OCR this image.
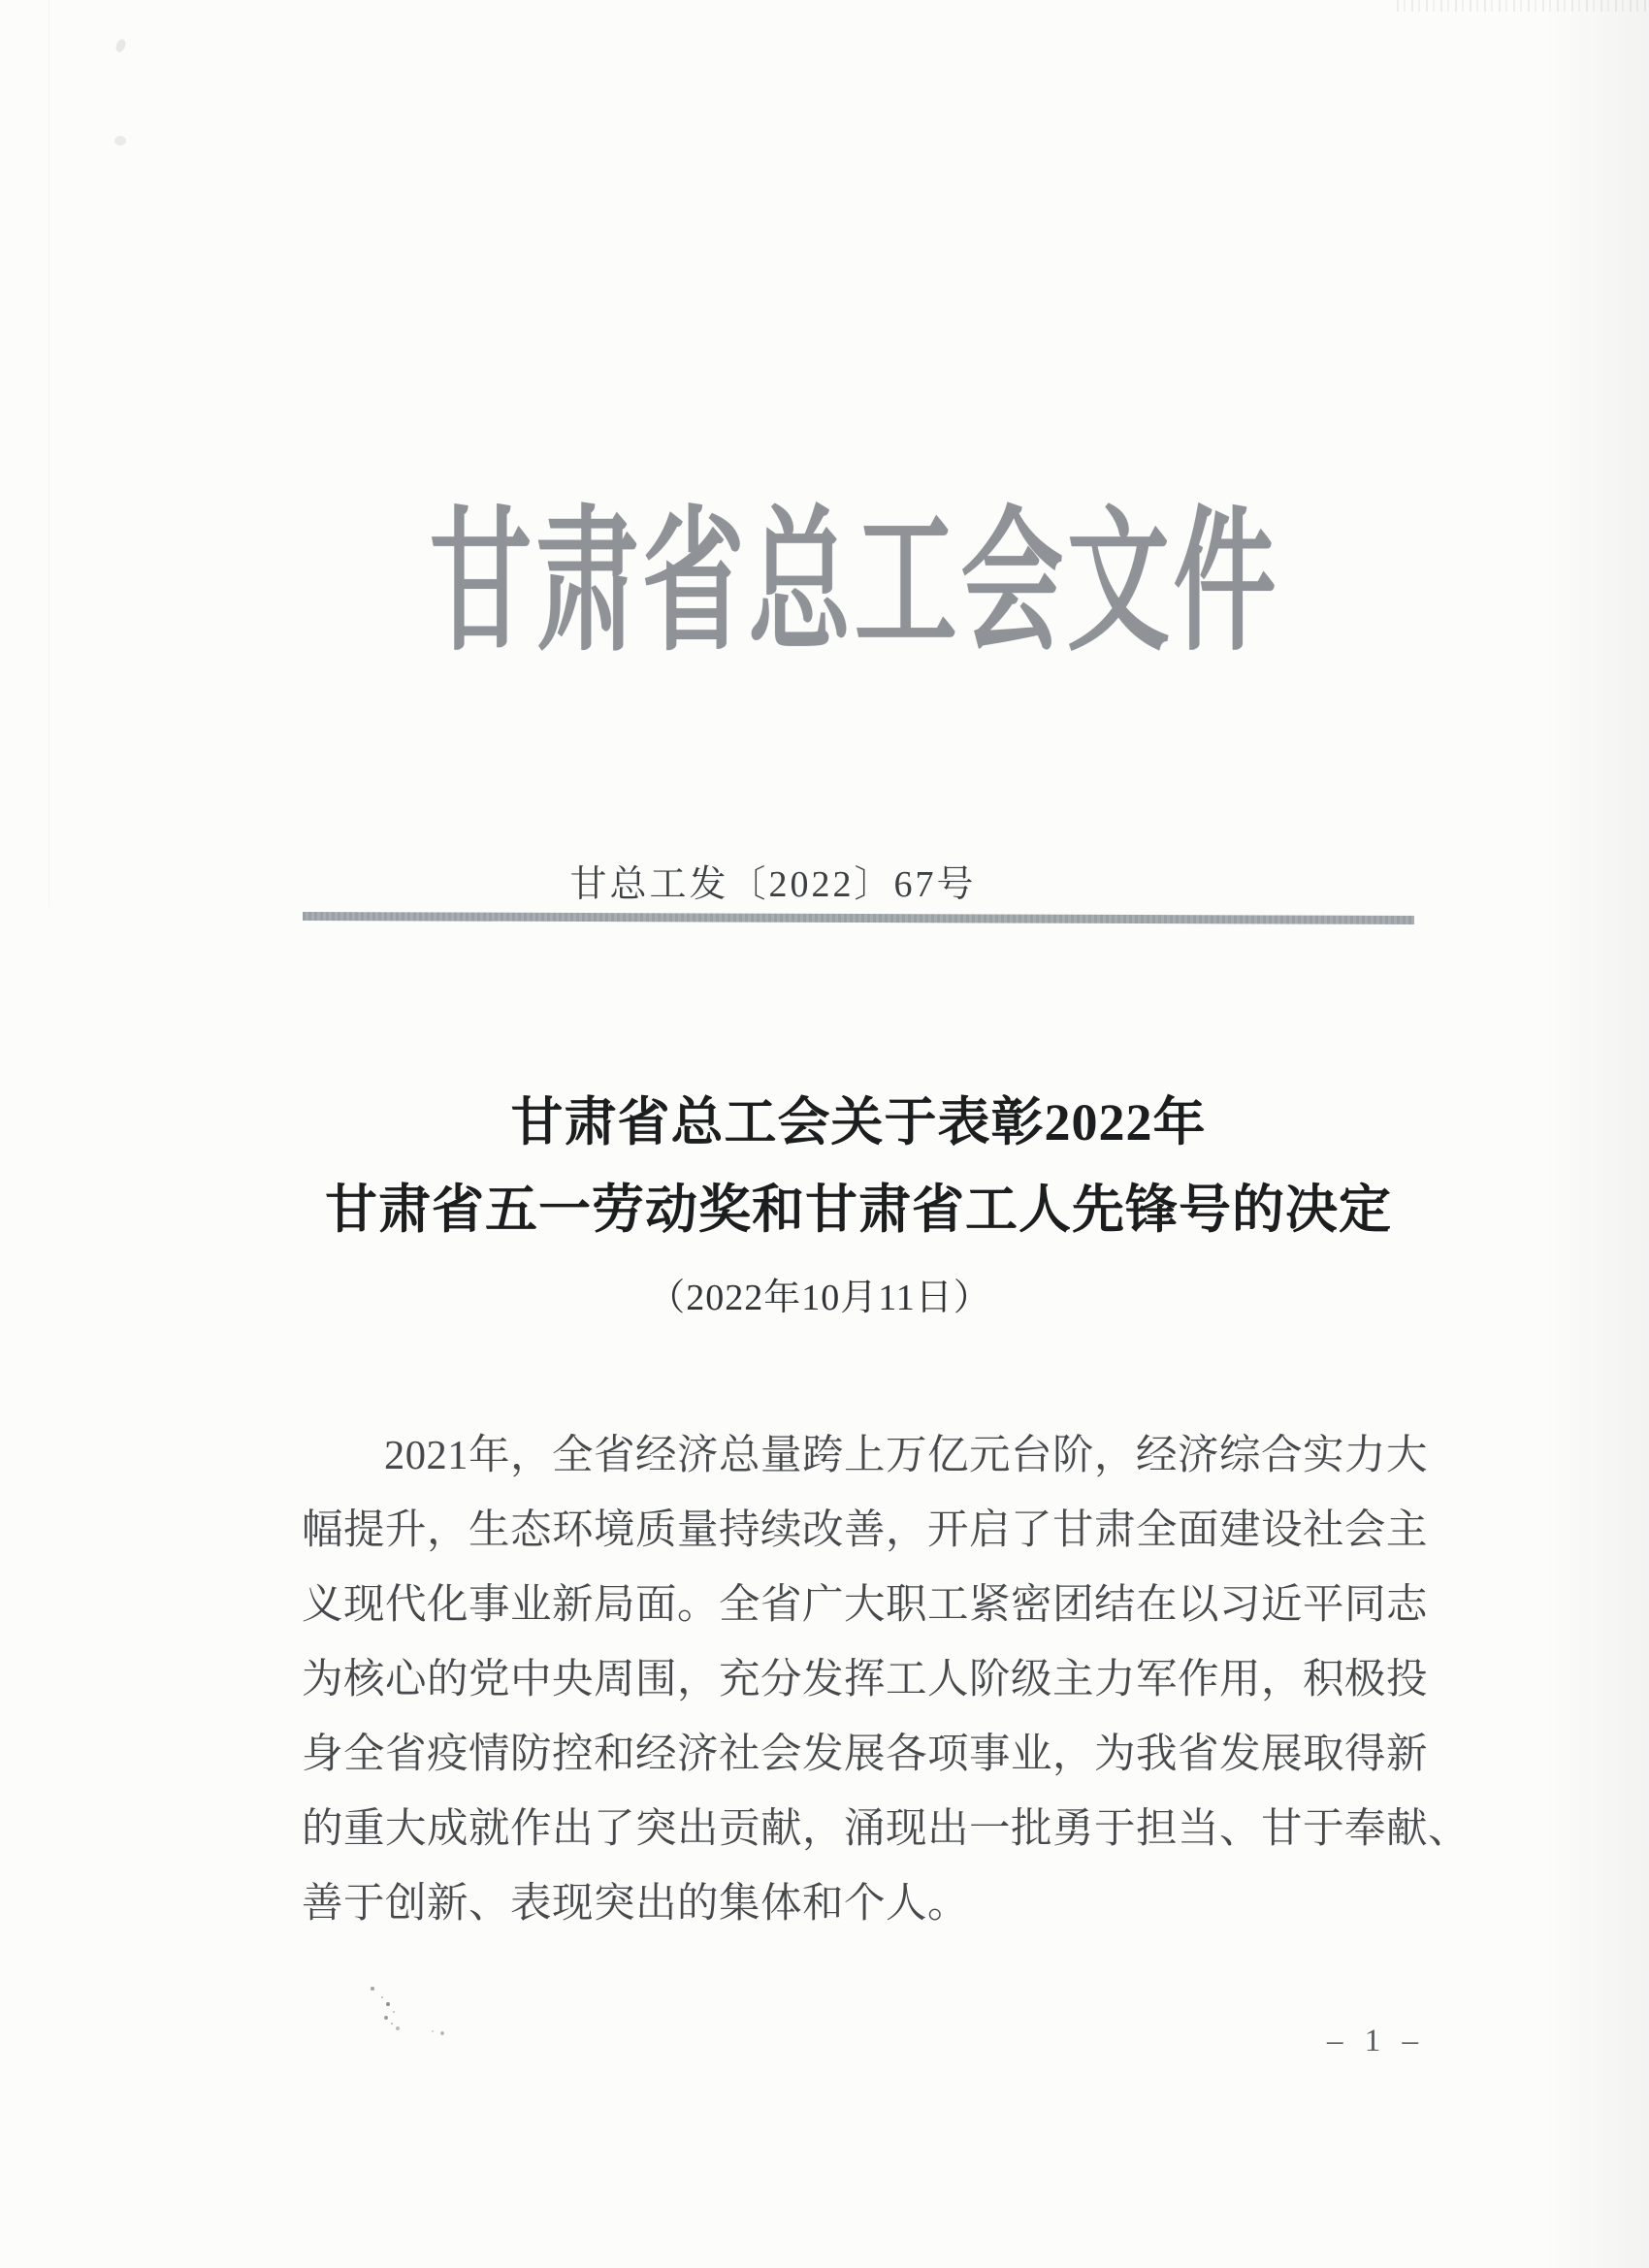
甘肃省总工会文件
甘总工发〔2022〕67号
甘肃省总工会关于表彰2022年
甘肃省五一劳动奖和甘肃省工人先锋号的决定
（2022年10月11日）
2021年，全省经济总量跨上万亿元台阶，经济综合实力大
幅提升，生态环境质量持续改善，开启了甘肃全面建设社会主
义现代化事业新局面。全省广大职工紧密团结在以习近平同志
为核心的党中央周围，充分发挥工人阶级主力军作用，积极投
身全省疫情防控和经济社会发展各项事业，为我省发展取得新
的重大成就作出了突出贡献，涌现出一批勇于担当、甘于奉献、
善于创新、表现突出的集体和个人。
– 1 –
